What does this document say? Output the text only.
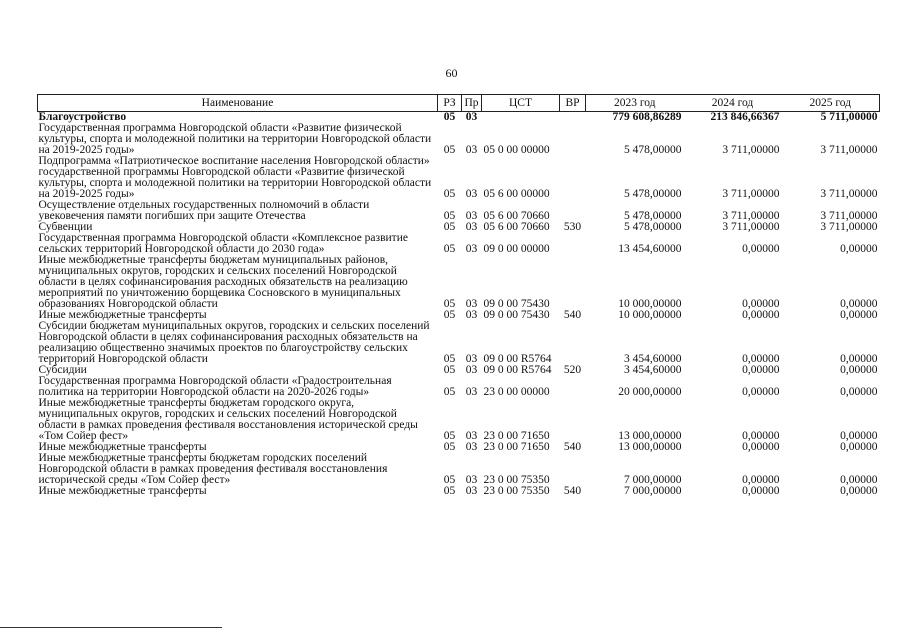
60
Наименование	РЗ	Пр	ЦСТ	ВР	2023 год	2024 год	2025 год
Благоустройство	05	03			779 608,86289	213 846,66367	5 711,00000
Государственная программа Новгородской области «Развитие физической культуры, спорта и молодежной политики на территории Новгородской области на 2019-2025 годы»	05	03	05 0 00 00000		5 478,00000	3 711,00000	3 711,00000
Подпрограмма «Патриотическое воспитание населения Новгородской области» государственной программы Новгородской области «Развитие физической культуры, спорта и молодежной политики на территории Новгородской области на 2019-2025 годы»	05	03	05 6 00 00000		5 478,00000	3 711,00000	3 711,00000
Осуществление отдельных государственных полномочий в области увековечения памяти погибших при защите Отечества	05	03	05 6 00 70660		5 478,00000	3 711,00000	3 711,00000
Субвенции	05	03	05 6 00 70660	530	5 478,00000	3 711,00000	3 711,00000
Государственная программа Новгородской области «Комплексное развитие сельских территорий Новгородской области до 2030 года»	05	03	09 0 00 00000		13 454,60000	0,00000	0,00000
Иные межбюджетные трансферты бюджетам муниципальных районов, муниципальных округов, городских и сельских поселений Новгородской области в целях софинансирования расходных обязательств на реализацию мероприятий по уничтожению борщевика Сосновского в муниципальных образованиях Новгородской области	05	03	09 0 00 75430		10 000,00000	0,00000	0,00000
Иные межбюджетные трансферты	05	03	09 0 00 75430	540	10 000,00000	0,00000	0,00000
Субсидии бюджетам муниципальных округов, городских и сельских поселений Новгородской области в целях софинансирования расходных обязательств на реализацию общественно значимых проектов по благоустройству сельских территорий Новгородской области	05	03	09 0 00 R5764		3 454,60000	0,00000	0,00000
Субсидии	05	03	09 0 00 R5764	520	3 454,60000	0,00000	0,00000
Государственная программа Новгородской области «Градостроительная политика на территории Новгородской области на 2020-2026 годы»	05	03	23 0 00 00000		20 000,00000	0,00000	0,00000
Иные межбюджетные трансферты бюджетам городского округа, муниципальных округов, городских и сельских поселений Новгородской области в рамках проведения фестиваля восстановления исторической среды «Том Сойер фест»	05	03	23 0 00 71650		13 000,00000	0,00000	0,00000
Иные межбюджетные трансферты	05	03	23 0 00 71650	540	13 000,00000	0,00000	0,00000
Иные межбюджетные трансферты бюджетам городских поселений Новгородской области в рамках проведения фестиваля восстановления исторической среды «Том Сойер фест»	05	03	23 0 00 75350		7 000,00000	0,00000	0,00000
Иные межбюджетные трансферты	05	03	23 0 00 75350	540	7 000,00000	0,00000	0,00000
